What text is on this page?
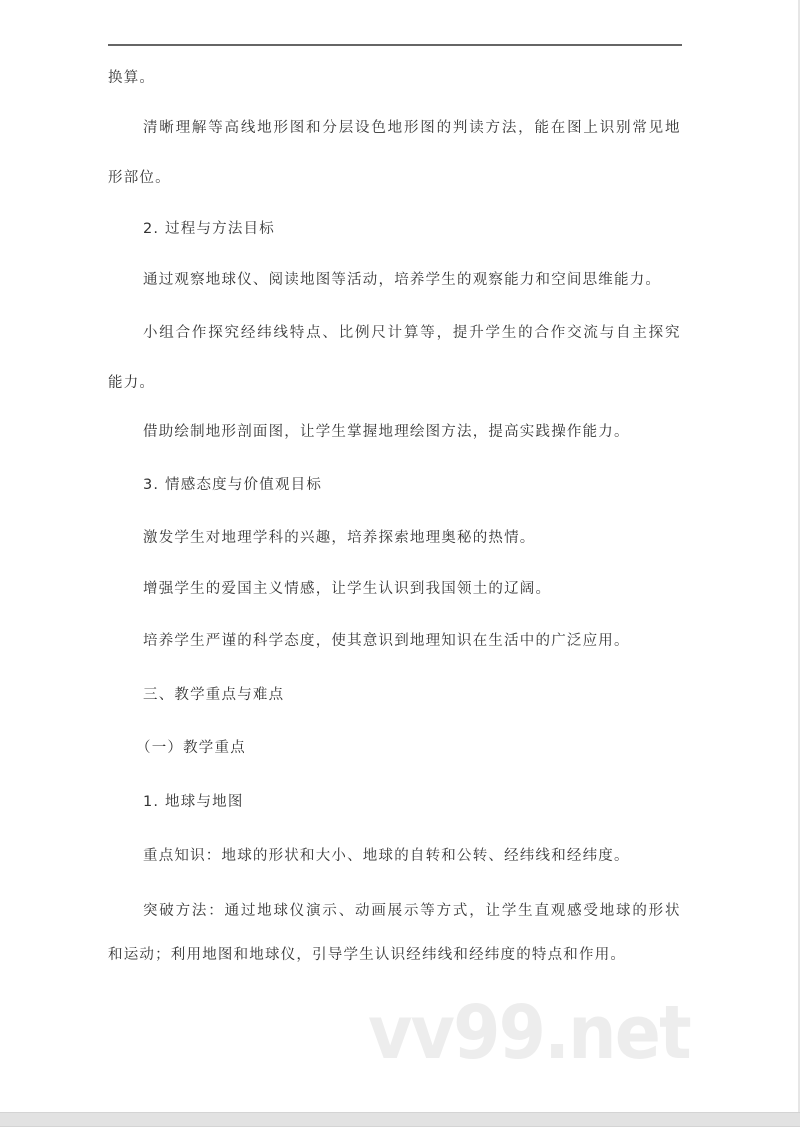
换算。
清晰理解等高线地形图和分层设色地形图的判读方法，能在图上识别常见地
形部位。
2. 过程与方法目标
通过观察地球仪、阅读地图等活动，培养学生的观察能力和空间思维能力。
小组合作探究经纬线特点、比例尺计算等，提升学生的合作交流与自主探究
能力。
借助绘制地形剖面图，让学生掌握地理绘图方法，提高实践操作能力。
3. 情感态度与价值观目标
激发学生对地理学科的兴趣，培养探索地理奥秘的热情。
增强学生的爱国主义情感，让学生认识到我国领土的辽阔。
培养学生严谨的科学态度，使其意识到地理知识在生活中的广泛应用。
三、教学重点与难点
（一）教学重点
1. 地球与地图
重点知识：地球的形状和大小、地球的自转和公转、经纬线和经纬度。
突破方法：通过地球仪演示、动画展示等方式，让学生直观感受地球的形状
和运动；利用地图和地球仪，引导学生认识经纬线和经纬度的特点和作用。
vv99.net
